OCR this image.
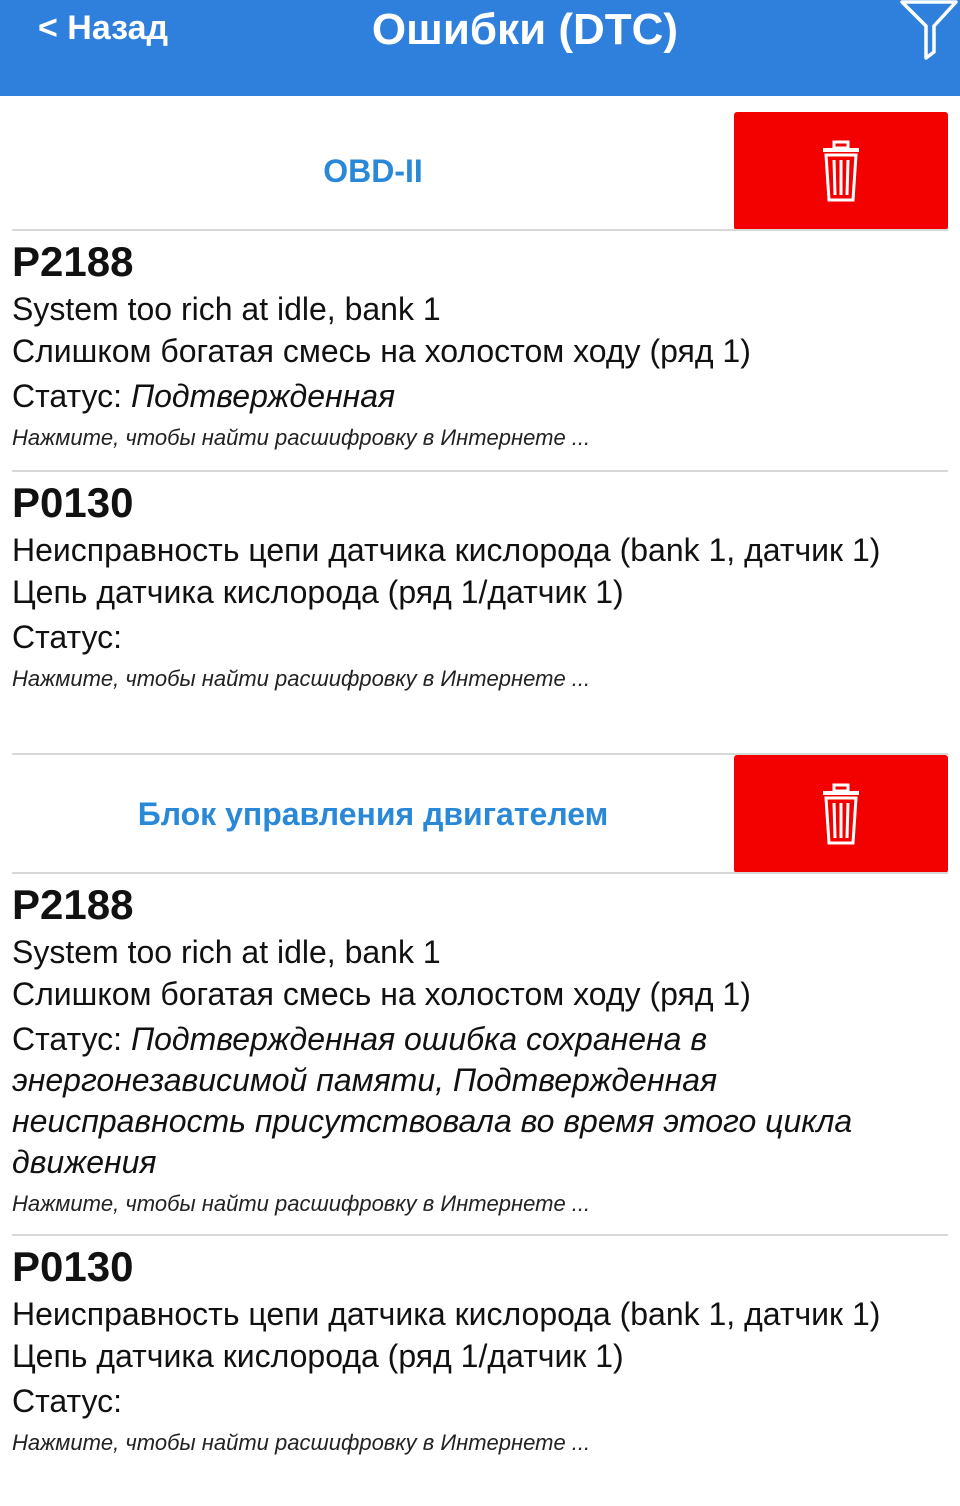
< Назад	Ошибки (DTC)
OBD-II
P2188
System too rich at idle, bank 1
Слишком богатая смесь на холостом ходу (ряд 1)
Статус: Подтвержденная
Нажмите, чтобы найти расшифровку в Интернете ...
P0130
Неисправность цепи датчика кислорода (bank 1, датчик 1)
Цепь датчика кислорода (ряд 1/датчик 1)
Статус:
Нажмите, чтобы найти расшифровку в Интернете ...
Блок управления двигателем
P2188
System too rich at idle, bank 1
Слишком богатая смесь на холостом ходу (ряд 1)
Статус: Подтвержденная ошибка сохранена в энергонезависимой памяти, Подтвержденная неисправность присутствовала во время этого цикла движения
Нажмите, чтобы найти расшифровку в Интернете ...
P0130
Неисправность цепи датчика кислорода (bank 1, датчик 1)
Цепь датчика кислорода (ряд 1/датчик 1)
Статус:
Нажмите, чтобы найти расшифровку в Интернете ...
